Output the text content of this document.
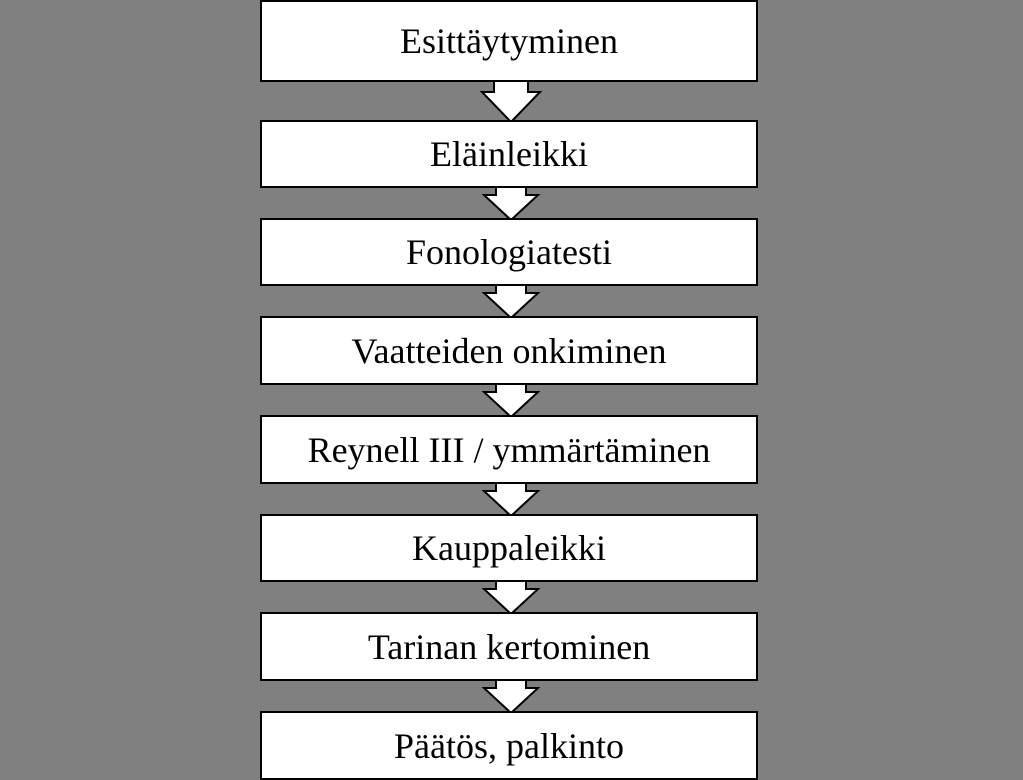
Esittäytyminen
Eläinleikki
Fonologiatesti
Vaatteiden onkiminen
Reynell III / ymmärtäminen
Kauppaleikki
Tarinan kertominen
Päätös, palkinto
